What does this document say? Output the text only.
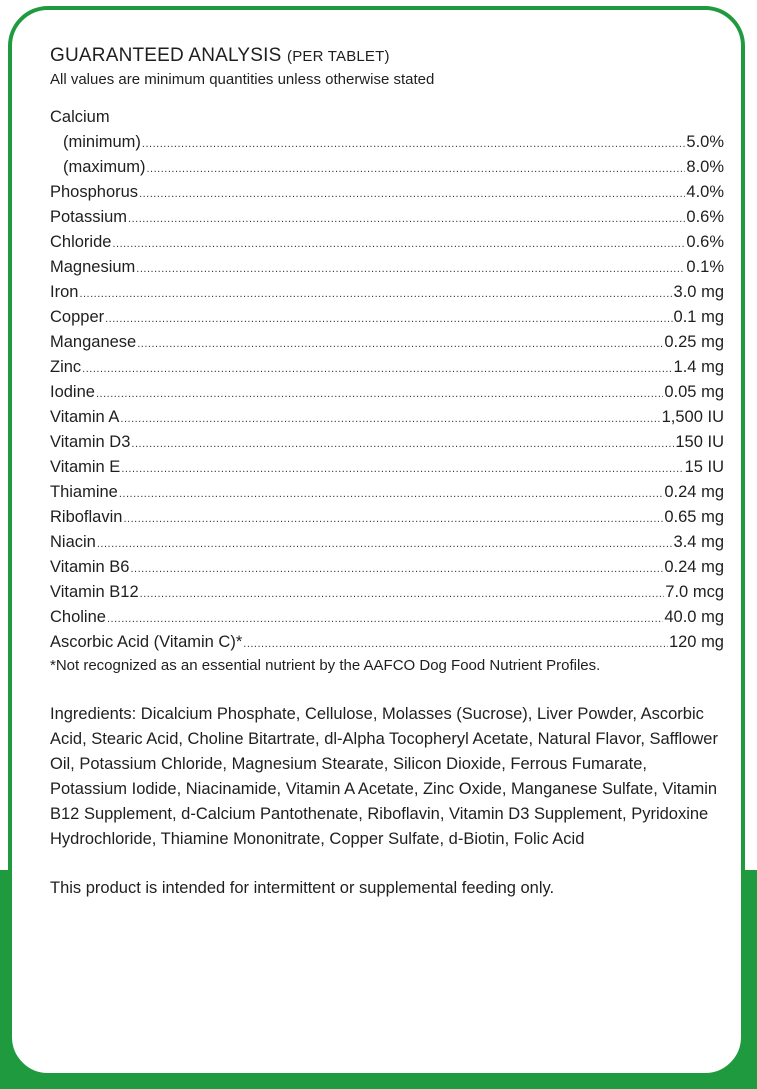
GUARANTEED ANALYSIS (PER TABLET)
All values are minimum quantities unless otherwise stated
Calcium
(minimum) .....	5.0%
(maximum) .....	8.0%
Phosphorus .....	4.0%
Potassium .....	0.6%
Chloride .....	0.6%
Magnesium .....	0.1%
Iron .....	3.0 mg
Copper .....	0.1 mg
Manganese .....	0.25 mg
Zinc .....	1.4 mg
Iodine .....	0.05 mg
Vitamin A .....	1,500 IU
Vitamin D3 .....	150 IU
Vitamin E .....	15 IU
Thiamine .....	0.24 mg
Riboflavin .....	0.65 mg
Niacin .....	3.4 mg
Vitamin B6 .....	0.24 mg
Vitamin B12 .....	7.0 mcg
Choline .....	40.0 mg
Ascorbic Acid (Vitamin C)* .....	120 mg
*Not recognized as an essential nutrient by the AAFCO Dog Food Nutrient Profiles.
Ingredients: Dicalcium Phosphate, Cellulose, Molasses (Sucrose), Liver Powder, Ascorbic Acid, Stearic Acid, Choline Bitartrate, dl-Alpha Tocopheryl Acetate, Natural Flavor, Safflower Oil, Potassium Chloride, Magnesium Stearate, Silicon Dioxide, Ferrous Fumarate, Potassium Iodide, Niacinamide, Vitamin A Acetate, Zinc Oxide, Manganese Sulfate, Vitamin B12 Supplement, d-Calcium Pantothenate, Riboflavin, Vitamin D3 Supplement, Pyridoxine Hydrochloride, Thiamine Mononitrate, Copper Sulfate, d-Biotin, Folic Acid
This product is intended for intermittent or supplemental feeding only.
